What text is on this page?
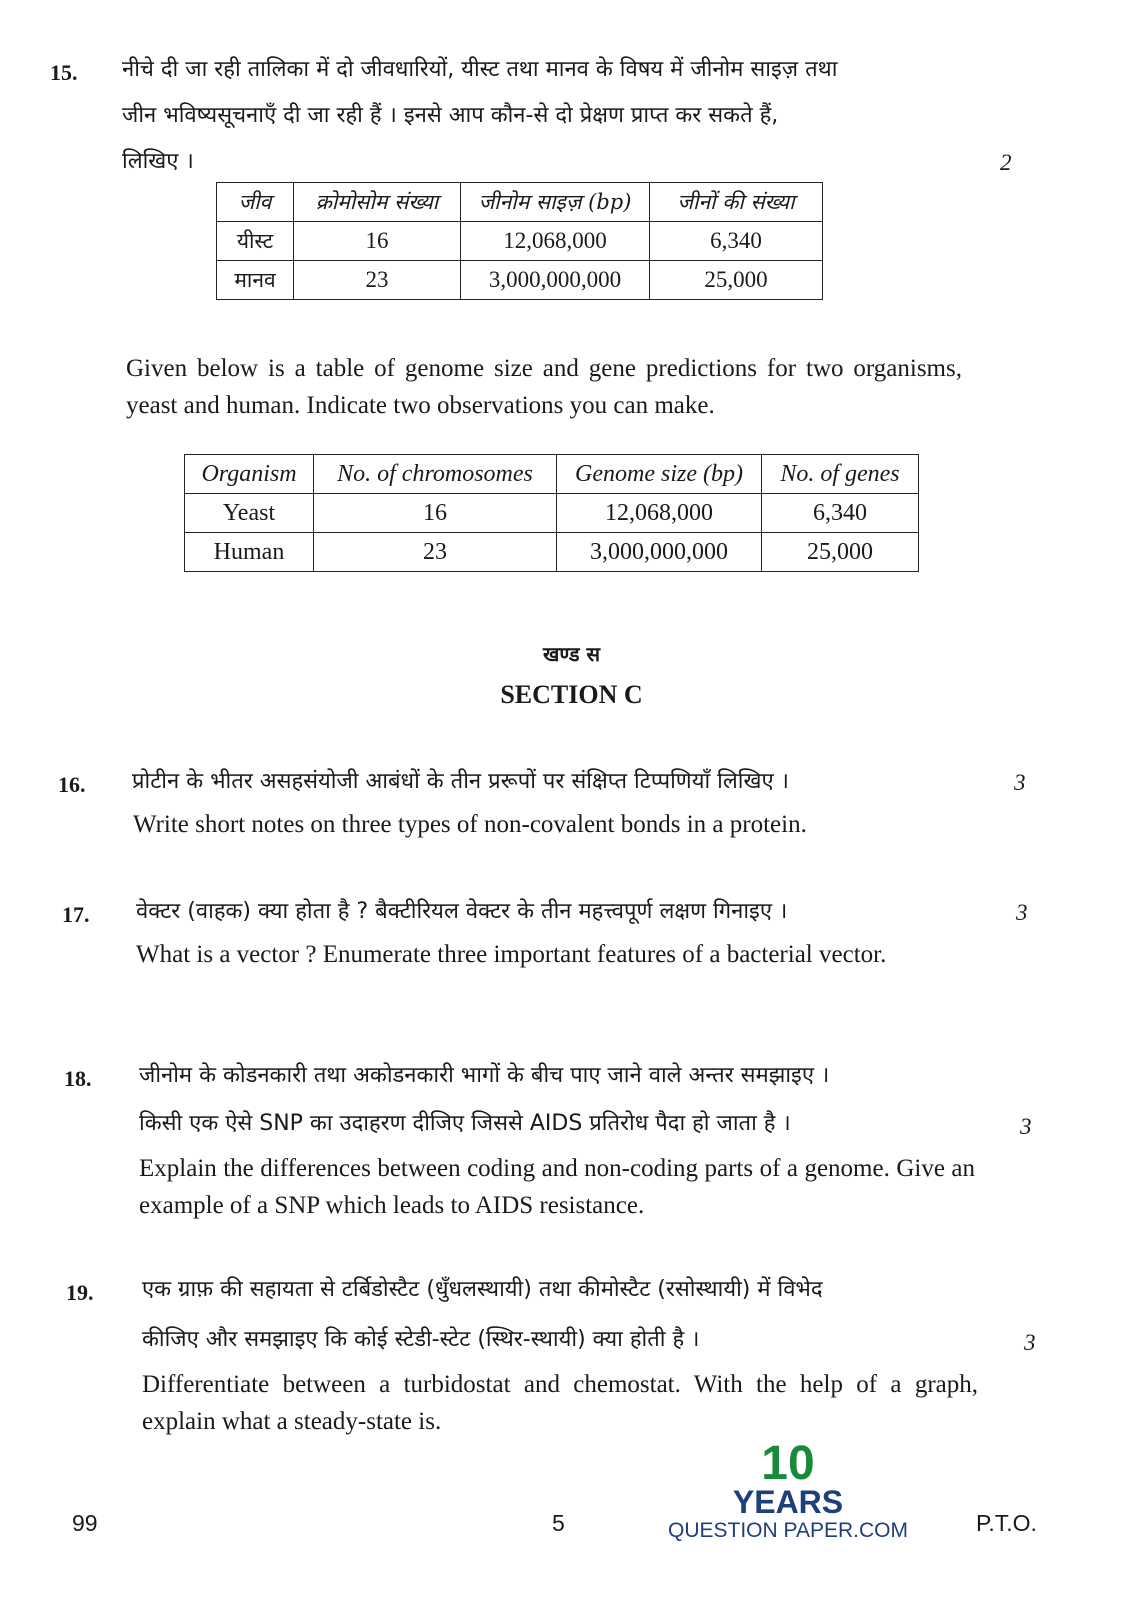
15. नीचे दी जा रही तालिका में दो जीवधारियों, यीस्ट तथा मानव के विषय में जीनोम साइज़ तथा
जीन भविष्यसूचनाएँ दी जा रही हैं । इनसे आप कौन-से दो प्रेक्षण प्राप्त कर सकते हैं,
लिखिए ।	2
जीव	क्रोमोसोम संख्या	जीनोम साइज़ (bp)	जीनों की संख्या
यीस्ट	16	12,068,000	6,340
मानव	23	3,000,000,000	25,000
Given below is a table of genome size and gene predictions for two organisms, yeast and human. Indicate two observations you can make.
Organism	No. of chromosomes	Genome size (bp)	No. of genes
Yeast	16	12,068,000	6,340
Human	23	3,000,000,000	25,000
खण्ड स
SECTION C
16. प्रोटीन के भीतर असहसंयोजी आबंधों के तीन प्ररूपों पर संक्षिप्त टिप्पणियाँ लिखिए ।	3
Write short notes on three types of non-covalent bonds in a protein.
17. वेक्टर (वाहक) क्या होता है ? बैक्टीरियल वेक्टर के तीन महत्त्वपूर्ण लक्षण गिनाइए ।	3
What is a vector ? Enumerate three important features of a bacterial vector.
18. जीनोम के कोडनकारी तथा अकोडनकारी भागों के बीच पाए जाने वाले अन्तर समझाइए ।
किसी एक ऐसे SNP का उदाहरण दीजिए जिससे AIDS प्रतिरोध पैदा हो जाता है ।	3
Explain the differences between coding and non-coding parts of a genome. Give an example of a SNP which leads to AIDS resistance.
19. एक ग्राफ़ की सहायता से टर्बिडोस्टैट (धुँधलस्थायी) तथा कीमोस्टैट (रसोस्थायी) में विभेद
कीजिए और समझाइए कि कोई स्टेडी-स्टेट (स्थिर-स्थायी) क्या होती है ।	3
Differentiate between a turbidostat and chemostat. With the help of a graph, explain what a steady-state is.
99	5	P.T.O.
10
YEARS
QUESTION PAPER.COM
